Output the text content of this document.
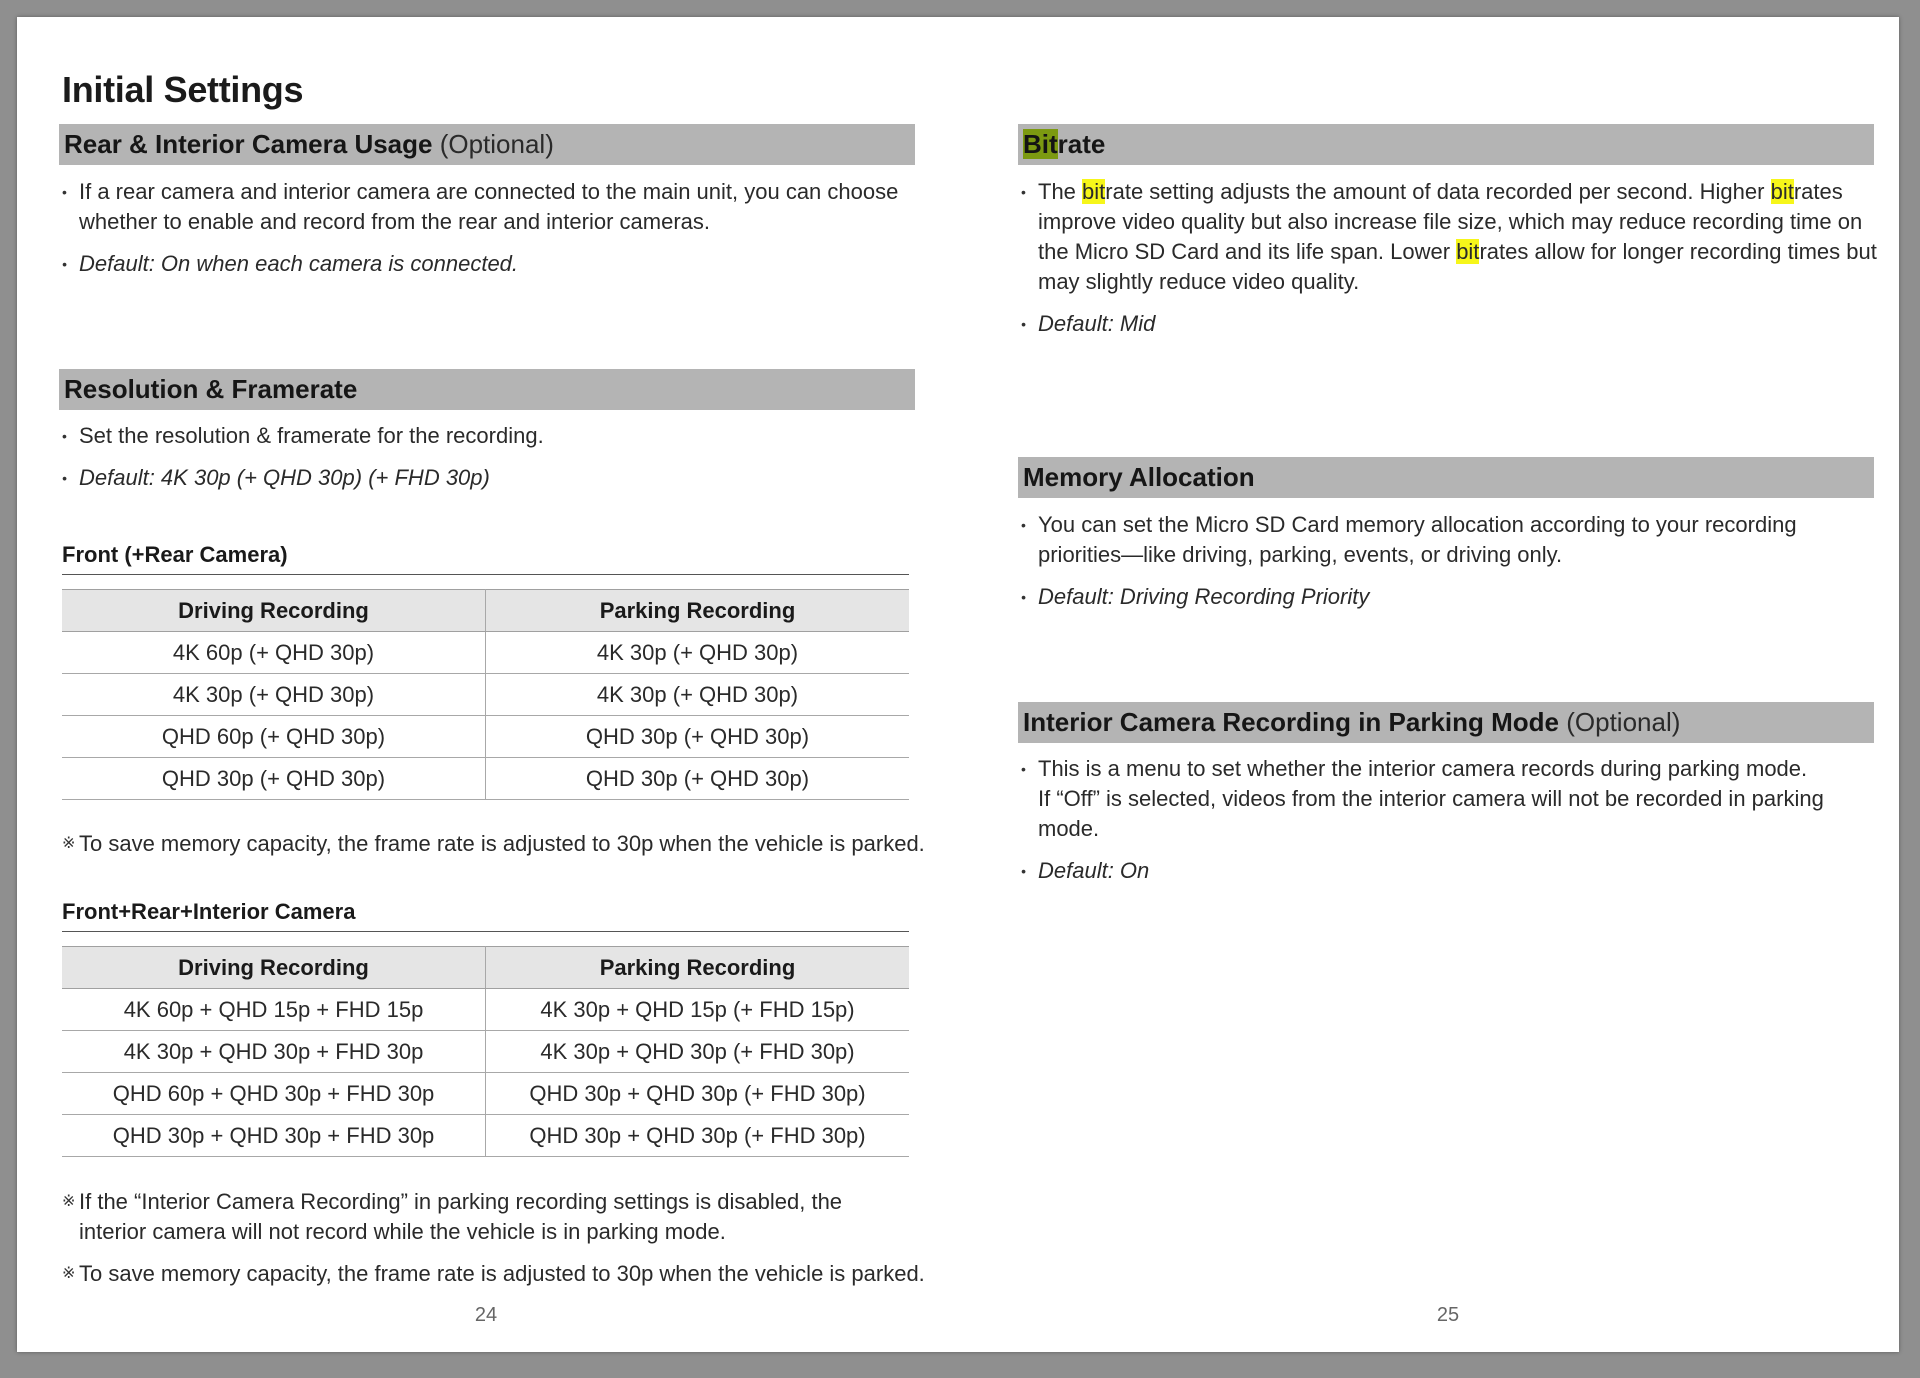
Initial Settings
Rear & Interior Camera Usage (Optional)
• If a rear camera and interior camera are connected to the main unit, you can choose whether to enable and record from the rear and interior cameras.
• Default: On when each camera is connected.
Resolution & Framerate
• Set the resolution & framerate for the recording.
• Default: 4K 30p (+ QHD 30p) (+ FHD 30p)
Front (+Rear Camera)
Driving Recording	Parking Recording
4K 60p (+ QHD 30p)	4K 30p (+ QHD 30p)
4K 30p (+ QHD 30p)	4K 30p (+ QHD 30p)
QHD 60p (+ QHD 30p)	QHD 30p (+ QHD 30p)
QHD 30p (+ QHD 30p)	QHD 30p (+ QHD 30p)
※ To save memory capacity, the frame rate is adjusted to 30p when the vehicle is parked.
Front+Rear+Interior Camera
Driving Recording	Parking Recording
4K 60p + QHD 15p + FHD 15p	4K 30p + QHD 15p (+ FHD 15p)
4K 30p + QHD 30p + FHD 30p	4K 30p + QHD 30p (+ FHD 30p)
QHD 60p + QHD 30p + FHD 30p	QHD 30p + QHD 30p (+ FHD 30p)
QHD 30p + QHD 30p + FHD 30p	QHD 30p + QHD 30p (+ FHD 30p)
※ If the “Interior Camera Recording” in parking recording settings is disabled, the interior camera will not record while the vehicle is in parking mode.
※ To save memory capacity, the frame rate is adjusted to 30p when the vehicle is parked.
24
Bitrate
• The bitrate setting adjusts the amount of data recorded per second. Higher bitrates improve video quality but also increase file size, which may reduce recording time on the Micro SD Card and its life span. Lower bitrates allow for longer recording times but may slightly reduce video quality.
• Default: Mid
Memory Allocation
• You can set the Micro SD Card memory allocation according to your recording priorities—like driving, parking, events, or driving only.
• Default: Driving Recording Priority
Interior Camera Recording in Parking Mode (Optional)
• This is a menu to set whether the interior camera records during parking mode.
If “Off” is selected, videos from the interior camera will not be recorded in parking mode.
• Default: On
25
